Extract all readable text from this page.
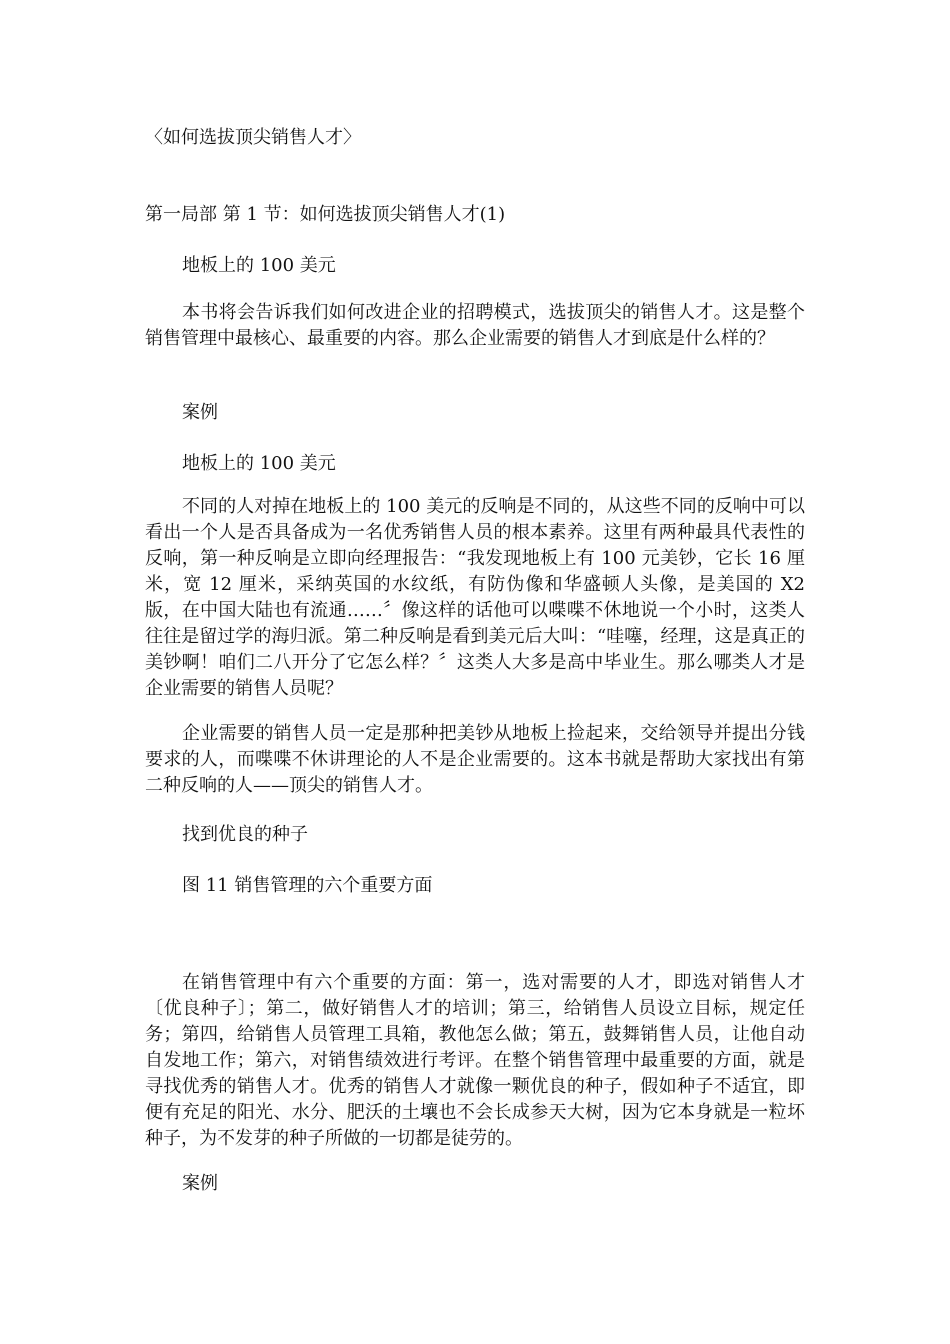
〈如何选拔顶尖销售人才〉
第一局部 第 1 节：如何选拔顶尖销售人才(1)
地板上的 100 美元
本书将会告诉我们如何改进企业的招聘模式，选拔顶尖的销售人才。这是整个销售管理中最核心、最重要的内容。那么企业需要的销售人才到底是什么样的？
案例
地板上的 100 美元
不同的人对掉在地板上的 100 美元的反响是不同的，从这些不同的反响中可以看出一个人是否具备成为一名优秀销售人员的根本素养。这里有两种最具代表性的反响，第一种反响是立即向经理报告：“我发现地板上有 100 元美钞，它长 16 厘米，宽 12 厘米，采纳英国的水纹纸，有防伪像和华盛顿人头像，是美国的 X2 版，在中国大陆也有流通……〞像这样的话他可以喋喋不休地说一个小时，这类人往往是留过学的海归派。第二种反响是看到美元后大叫：“哇噻，经理，这是真正的美钞啊！咱们二八开分了它怎么样？〞这类人大多是高中毕业生。那么哪类人才是企业需要的销售人员呢？
企业需要的销售人员一定是那种把美钞从地板上捡起来，交给领导并提出分钱要求的人，而喋喋不休讲理论的人不是企业需要的。这本书就是帮助大家找出有第二种反响的人——顶尖的销售人才。
找到优良的种子
图 11 销售管理的六个重要方面
在销售管理中有六个重要的方面：第一，选对需要的人才，即选对销售人才〔优良种子〕；第二，做好销售人才的培训；第三，给销售人员设立目标，规定任务；第四，给销售人员管理工具箱，教他怎么做；第五，鼓舞销售人员，让他自动自发地工作；第六，对销售绩效进行考评。在整个销售管理中最重要的方面，就是寻找优秀的销售人才。优秀的销售人才就像一颗优良的种子，假如种子不适宜，即便有充足的阳光、水分、肥沃的土壤也不会长成参天大树，因为它本身就是一粒坏种子，为不发芽的种子所做的一切都是徒劳的。
案例
